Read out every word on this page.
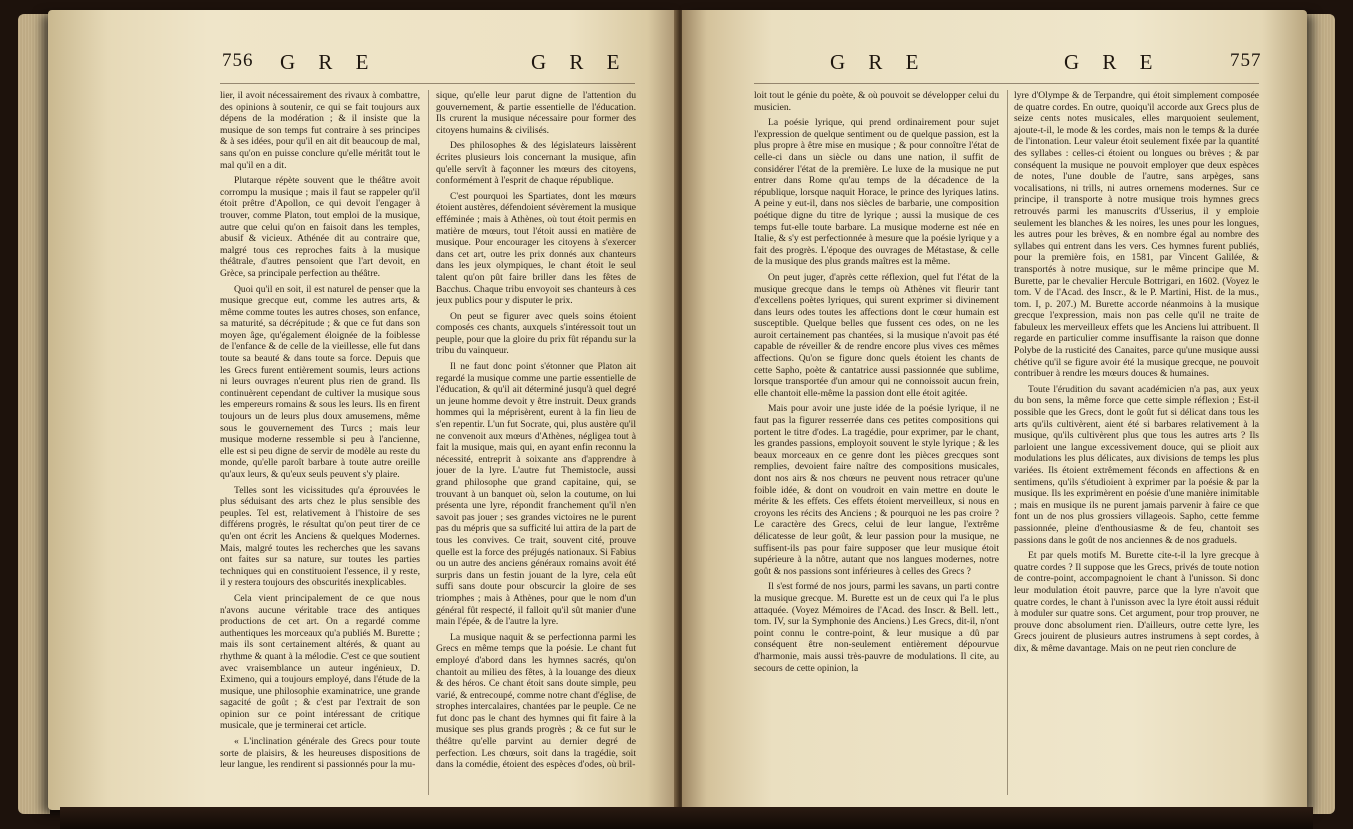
756 G R E	G R E

lier, il avoit nécessairement des rivaux à combattre, des opinions à soutenir, ce qui se fait toujours aux dépens de la modération ; & il insiste que la musique de son temps fut contraire à ses principes & à ses idées, pour qu'il en ait dit beaucoup de mal, sans qu'on en puisse conclure qu'elle méritât tout le mal qu'il en a dit.

Plutarque répète souvent que le théâtre avoit corrompu la musique ; mais il faut se rappeler qu'il étoit prêtre d'Apollon, ce qui devoit l'engager à trouver, comme Platon, tout emploi de la musique, autre que celui qu'on en faisoit dans les temples, abusif & vicieux. Athénée dit au contraire que, malgré tous ces reproches faits à la musique théâtrale, d'autres pensoient que l'art devoit, en Grèce, sa principale perfection au théâtre.

Quoi qu'il en soit, il est naturel de penser que la musique grecque eut, comme les autres arts, & même comme toutes les autres choses, son enfance, sa maturité, sa décrépitude ; & que ce fut dans son moyen âge, qu'également éloignée de la foiblesse de l'enfance & de celle de la vieillesse, elle fut dans toute sa beauté & dans toute sa force. Depuis que les Grecs furent entièrement soumis, leurs actions ni leurs ouvrages n'eurent plus rien de grand. Ils continuèrent cependant de cultiver la musique sous les empereurs romains & sous les leurs. Ils en firent toujours un de leurs plus doux amusemens, même sous le gouvernement des Turcs ; mais leur musique moderne ressemble si peu à l'ancienne, elle est si peu digne de servir de modèle au reste du monde, qu'elle paroît barbare à toute autre oreille qu'aux leurs, & qu'eux seuls peuvent s'y plaire.

Telles sont les vicissitudes qu'a éprouvées le plus séduisant des arts chez le plus sensible des peuples. Tel est, relativement à l'histoire de ses différens progrès, le résultat qu'on peut tirer de ce qu'en ont écrit les Anciens & quelques Modernes. Mais, malgré toutes les recherches que les savans ont faites sur sa nature, sur toutes les parties techniques qui en constituoient l'essence, il y reste, il y restera toujours des obscurités inexplicables.

Cela vient principalement de ce que nous n'avons aucune véritable trace des antiques productions de cet art. On a regardé comme authentiques les morceaux qu'a publiés M. Burette ; mais ils sont certainement altérés, & quant au rhythme & quant à la mélodie. C'est ce que soutient avec vraisemblance un auteur ingénieux, D. Eximeno, qui a toujours employé, dans l'étude de la musique, une philosophie examinatrice, une grande sagacité de goût ; & c'est par l'extrait de son opinion sur ce point intéressant de critique musicale, que je terminerai cet article.

« L'inclination générale des Grecs pour toute sorte de plaisirs, & les heureuses dispositions de leur langue, les rendirent si passionnés pour la mu-

sique, qu'elle leur parut digne de l'attention du gouvernement, & partie essentielle de l'éducation. Ils crurent la musique nécessaire pour former des citoyens humains & civilisés.

Des philosophes & des législateurs laissèrent écrites plusieurs lois concernant la musique, afin qu'elle servît à façonner les mœurs des citoyens, conformément à l'esprit de chaque république.

C'est pourquoi les Spartiates, dont les mœurs étoient austères, défendoient sévèrement la musique efféminée ; mais à Athènes, où tout étoit permis en matière de mœurs, tout l'étoit aussi en matière de musique. Pour encourager les citoyens à s'exercer dans cet art, outre les prix donnés aux chanteurs dans les jeux olympiques, le chant étoit le seul talent qu'on pût faire briller dans les fêtes de Bacchus. Chaque tribu envoyoit ses chanteurs à ces jeux publics pour y disputer le prix.

On peut se figurer avec quels soins étoient composés ces chants, auxquels s'intéressoit tout un peuple, pour que la gloire du prix fût répandu sur la tribu du vainqueur.

Il ne faut donc point s'étonner que Platon ait regardé la musique comme une partie essentielle de l'éducation, & qu'il ait déterminé jusqu'à quel degré un jeune homme devoit y être instruit. Deux grands hommes qui la méprisèrent, eurent à la fin lieu de s'en repentir. L'un fut Socrate, qui, plus austère qu'il ne convenoit aux mœurs d'Athènes, négligea tout à fait la musique, mais qui, en ayant enfin reconnu la nécessité, entreprit à soixante ans d'apprendre à jouer de la lyre. L'autre fut Themistocle, aussi grand philosophe que grand capitaine, qui, se trouvant à un banquet où, selon la coutume, on lui présenta une lyre, répondit franchement qu'il n'en savoit pas jouer ; ses grandes victoires ne le purent pas du mépris que sa sufficité lui attira de la part de tous les convives. Ce trait, souvent cité, prouve quelle est la force des préjugés nationaux. Si Fabius ou un autre des anciens généraux romains avoit été surpris dans un festin jouant de la lyre, cela eût suffi sans doute pour obscurcir la gloire de ses triomphes ; mais à Athènes, pour que le nom d'un général fût respecté, il falloit qu'il sût manier d'une main l'épée, & de l'autre la lyre.

La musique naquit & se perfectionna parmi les Grecs en même temps que la poésie. Le chant fut employé d'abord dans les hymnes sacrés, qu'on chantoit au milieu des fêtes, à la louange des dieux & des héros. Ce chant étoit sans doute simple, peu varié, & entrecoupé, comme notre chant d'église, de strophes intercalaires, chantées par le peuple. Ce ne fut donc pas le chant des hymnes qui fit faire à la musique ses plus grands progrès ; & ce fut sur le théâtre qu'elle parvint au dernier degré de perfection. Les chœurs, soit dans la tragédie, soit dans la comédie, étoient des espèces d'odes, où bril-

G R E	G R E	757

loit tout le génie du poète, & où pouvoit se développer celui du musicien.

La poésie lyrique, qui prend ordinairement pour sujet l'expression de quelque sentiment ou de quelque passion, est la plus propre à être mise en musique ; & pour connoître l'état de celle-ci dans un siècle ou dans une nation, il suffit de considérer l'état de la première. Le luxe de la musique ne put entrer dans Rome qu'au temps de la décadence de la république, lorsque naquit Horace, le prince des lyriques latins. A peine y eut-il, dans nos siècles de barbarie, une composition poétique digne du titre de lyrique ; aussi la musique de ces temps fut-elle toute barbare. La musique moderne est née en Italie, & s'y est perfectionnée à mesure que la poésie lyrique y a fait des progrès. L'époque des ouvrages de Métastase, & celle de la musique des plus grands maîtres est la même.

On peut juger, d'après cette réflexion, quel fut l'état de la musique grecque dans le temps où Athènes vit fleurir tant d'excellens poètes lyriques, qui surent exprimer si divinement dans leurs odes toutes les affections dont le cœur humain est susceptible. Quelque belles que fussent ces odes, on ne les auroit certainement pas chantées, si la musique n'avoit pas été capable de réveiller & de rendre encore plus vives ces mêmes affections. Qu'on se figure donc quels étoient les chants de cette Sapho, poète & cantatrice aussi passionnée que sublime, lorsque transportée d'un amour qui ne connoissoit aucun frein, elle chantoit elle-même la passion dont elle étoit agitée.

Mais pour avoir une juste idée de la poésie lyrique, il ne faut pas la figurer resserrée dans ces petites compositions qui portent le titre d'odes. La tragédie, pour exprimer, par le chant, les grandes passions, employoit souvent le style lyrique ; & les beaux morceaux en ce genre dont les pièces grecques sont remplies, devoient faire naître des compositions musicales, dont nos airs & nos chœurs ne peuvent nous retracer qu'une foible idée, & dont on voudroit en vain mettre en doute le mérite & les effets. Ces effets étoient merveilleux, si nous en croyons les récits des Anciens ; & pourquoi ne les pas croire ? Le caractère des Grecs, celui de leur langue, l'extrême délicatesse de leur goût, & leur passion pour la musique, ne suffisent-ils pas pour faire supposer que leur musique étoit supérieure à la nôtre, autant que nos langues modernes, notre goût & nos passions sont inférieures à celles des Grecs ?

Il s'est formé de nos jours, parmi les savans, un parti contre la musique grecque. M. Burette est un de ceux qui l'a le plus attaquée. (Voyez Mémoires de l'Acad. des Inscr. & Bell. lett., tom. IV, sur la Symphonie des Anciens.) Les Grecs, dit-il, n'ont point connu le contre-point, & leur musique a dû par conséquent être non-seulement entièrement dépourvue d'harmonie, mais aussi très-pauvre de modulations. Il cite, au secours de cette opinion, la

lyre d'Olympe & de Terpandre, qui étoit simplement composée de quatre cordes. En outre, quoiqu'il accorde aux Grecs plus de seize cents notes musicales, elles marquoient seulement, ajoute-t-il, le mode & les cordes, mais non le temps & la durée de l'intonation. Leur valeur étoit seulement fixée par la quantité des syllabes : celles-ci étoient ou longues ou brèves ; & par conséquent la musique ne pouvoit employer que deux espèces de notes, l'une double de l'autre, sans arpèges, sans vocalisations, ni trills, ni autres ornemens modernes. Sur ce principe, il transporte à notre musique trois hymnes grecs retrouvés parmi les manuscrits d'Usserius, il y emploie seulement les blanches & les noires, les unes pour les longues, les autres pour les brèves, & en nombre égal au nombre des syllabes qui entrent dans les vers. Ces hymnes furent publiés, pour la première fois, en 1581, par Vincent Galilée, & transportés à notre musique, sur le même principe que M. Burette, par le chevalier Hercule Bottrigari, en 1602. (Voyez le tom. V de l'Acad. des Inscr., & le P. Martini, Hist. de la mus., tom. I, p. 207.) M. Burette accorde néanmoins à la musique grecque l'expression, mais non pas celle qu'il ne traite de fabuleux les merveilleux effets que les Anciens lui attribuent. Il regarde en particulier comme insuffisante la raison que donne Polybe de la rusticité des Canaites, parce qu'une musique aussi chétive qu'il se figure avoir été la musique grecque, ne pouvoit contribuer à rendre les mœurs douces & humaines.

Toute l'érudition du savant académicien n'a pas, aux yeux du bon sens, la même force que cette simple réflexion ; Est-il possible que les Grecs, dont le goût fut si délicat dans tous les arts qu'ils cultivèrent, aient été si barbares relativement à la musique, qu'ils cultivèrent plus que tous les autres arts ? Ils parloient une langue excessivement douce, qui se plioit aux modulations les plus délicates, aux divisions de temps les plus variées. Ils étoient extrêmement féconds en affections & en sentimens, qu'ils s'étudioient à exprimer par la poésie & par la musique. Ils les exprimèrent en poésie d'une manière inimitable ; mais en musique ils ne purent jamais parvenir à faire ce que font un de nos plus grossiers villageois. Sapho, cette femme passionnée, pleine d'enthousiasme & de feu, chantoit ses passions dans le goût de nos anciennes & de nos graduels.

Et par quels motifs M. Burette cite-t-il la lyre grecque à quatre cordes ? Il suppose que les Grecs, privés de toute notion de contre-point, accompagnoient le chant à l'unisson. Si donc leur modulation étoit pauvre, parce que la lyre n'avoit que quatre cordes, le chant à l'unisson avec la lyre étoit aussi réduit à moduler sur quatre sons. Cet argument, pour trop prouver, ne prouve donc absolument rien. D'ailleurs, outre cette lyre, les Grecs jouirent de plusieurs autres instrumens à sept cordes, à dix, & même davantage. Mais on ne peut rien conclure de
